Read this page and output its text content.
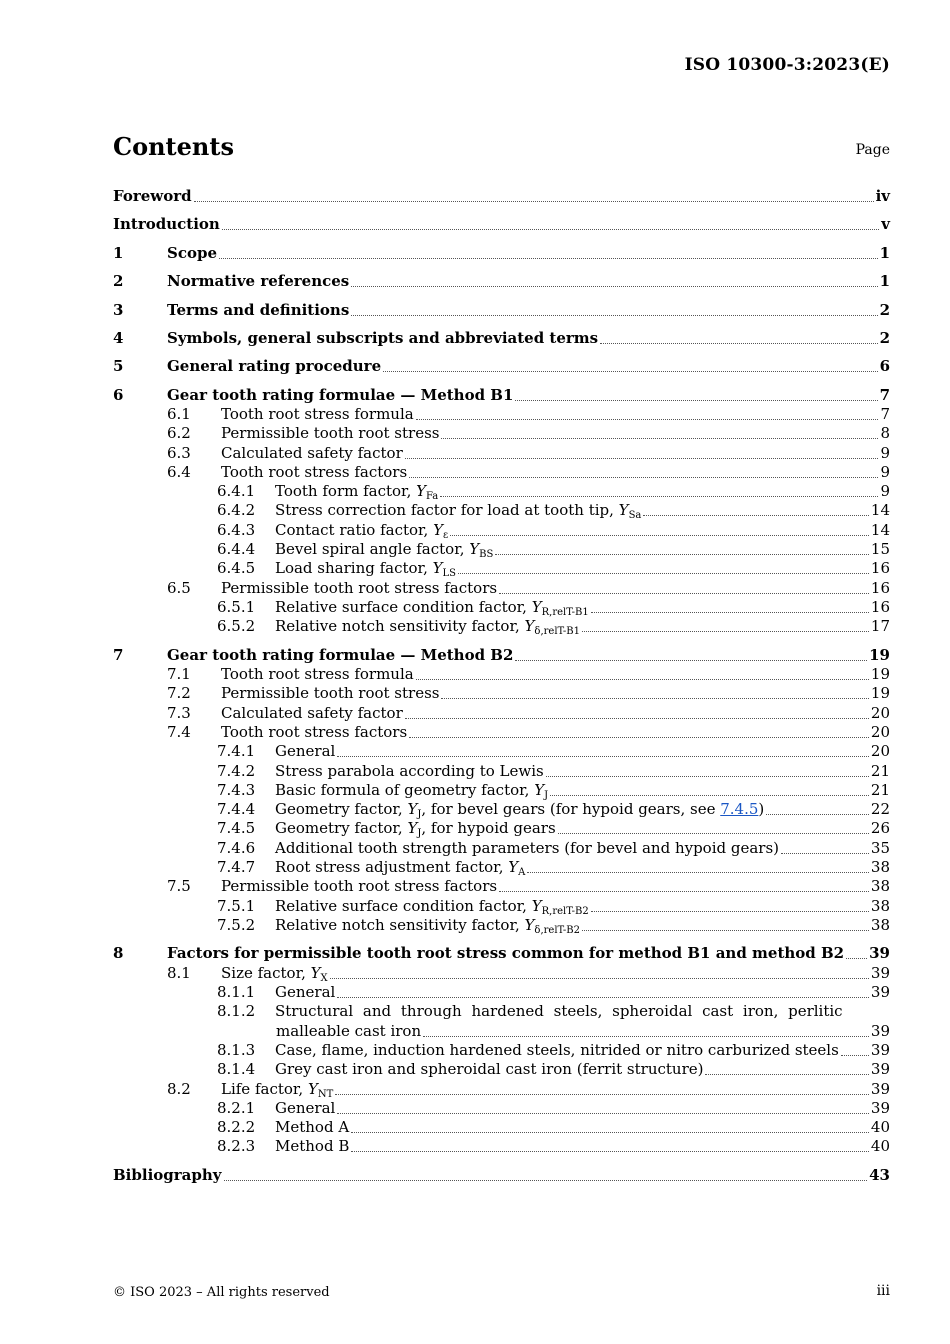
ISO 10300-3:2023(E)
Contents	Page
Foreword	iv
Introduction	v
1	Scope	1
2	Normative references	1
3	Terms and definitions	2
4	Symbols, general subscripts and abbreviated terms	2
5	General rating procedure	6
6	Gear tooth rating formulae — Method B1	7
6.1	Tooth root stress formula	7
6.2	Permissible tooth root stress	8
6.3	Calculated safety factor	9
6.4	Tooth root stress factors	9
6.4.1	Tooth form factor, $Y_{Fa}$	9
6.4.2	Stress correction factor for load at tooth tip, $Y_{Sa}$	14
6.4.3	Contact ratio factor, $Y_\varepsilon$	14
6.4.4	Bevel spiral angle factor, $Y_{BS}$	15
6.4.5	Load sharing factor, $Y_{LS}$	16
6.5	Permissible tooth root stress factors	16
6.5.1	Relative surface condition factor, $Y_{R,relT-B1}$	16
6.5.2	Relative notch sensitivity factor, $Y_{\delta,relT-B1}$	17
7	Gear tooth rating formulae — Method B2	19
7.1	Tooth root stress formula	19
7.2	Permissible tooth root stress	19
7.3	Calculated safety factor	20
7.4	Tooth root stress factors	20
7.4.1	General	20
7.4.2	Stress parabola according to Lewis	21
7.4.3	Basic formula of geometry factor, $Y_J$	21
7.4.4	Geometry factor, $Y_J$, for bevel gears (for hypoid gears, see 7.4.5)	22
7.4.5	Geometry factor, $Y_J$, for hypoid gears	26
7.4.6	Additional tooth strength parameters (for bevel and hypoid gears)	35
7.4.7	Root stress adjustment factor, $Y_A$	38
7.5	Permissible tooth root stress factors	38
7.5.1	Relative surface condition factor, $Y_{R,relT-B2}$	38
7.5.2	Relative notch sensitivity factor, $Y_{\delta,relT-B2}$	38
8	Factors for permissible tooth root stress common for method B1 and method B2 39
8.1	Size factor, $Y_X$	39
8.1.1	General	39
8.1.2	Structural and through hardened steels, spheroidal cast iron, perlitic
malleable cast iron	39
8.1.3	Case, flame, induction hardened steels, nitrided or nitro carburized steels 39
8.1.4	Grey cast iron and spheroidal cast iron (ferrit structure)	39
8.2	Life factor, $Y_{NT}$	39
8.2.1	General	39
8.2.2	Method A	40
8.2.3	Method B	40
Bibliography	43
© ISO 2023 – All rights reserved	iii
